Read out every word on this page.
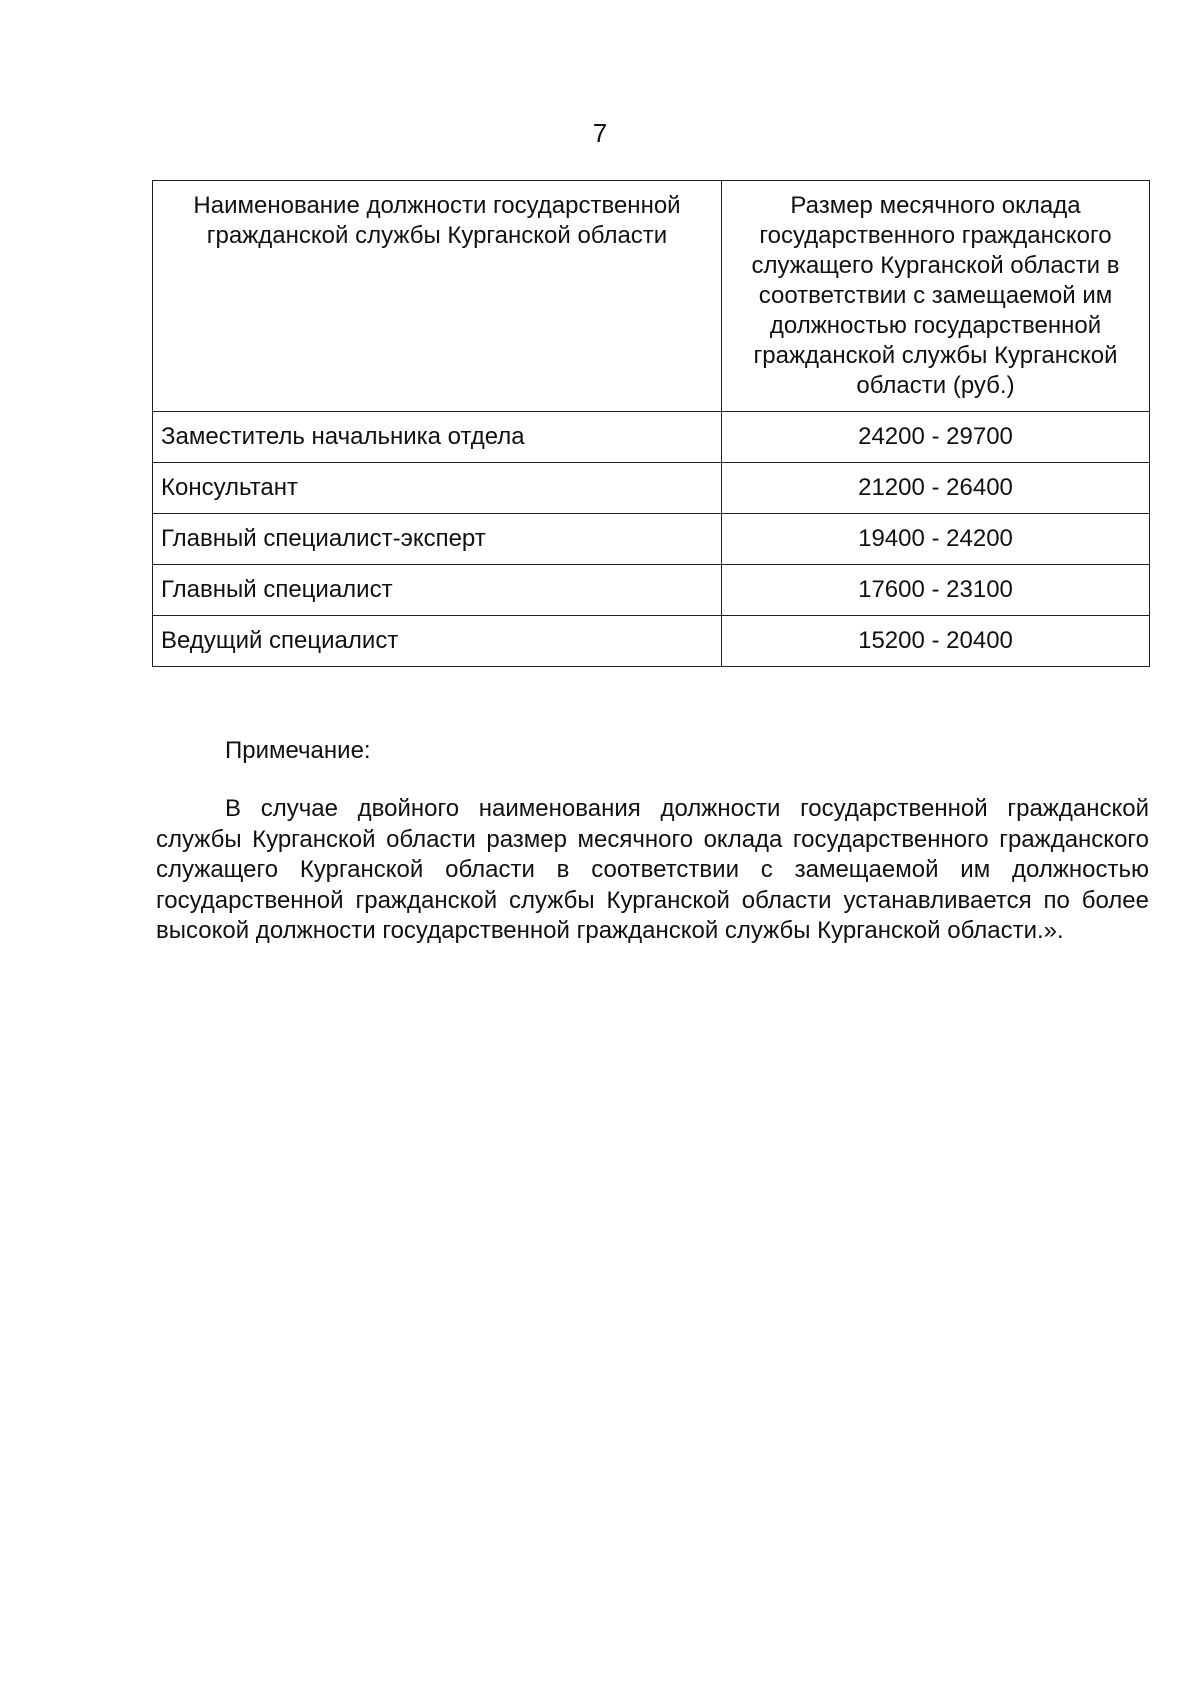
7
Наименование должности государственной гражданской службы Курганской области	Размер месячного оклада государственного гражданского служащего Курганской области в соответствии с замещаемой им должностью государственной гражданской службы Курганской области (руб.)
Заместитель начальника отдела	24200 - 29700
Консультант	21200 - 26400
Главный специалист-эксперт	19400 - 24200
Главный специалист	17600 - 23100
Ведущий специалист	15200 - 20400
Примечание:

В случае двойного наименования должности государственной гражданской службы Курганской области размер месячного оклада государственного гражданского служащего Курганской области в соответствии с замещаемой им должностью государственной гражданской службы Курганской области устанавливается по более высокой должности государственной гражданской службы Курганской области.».
